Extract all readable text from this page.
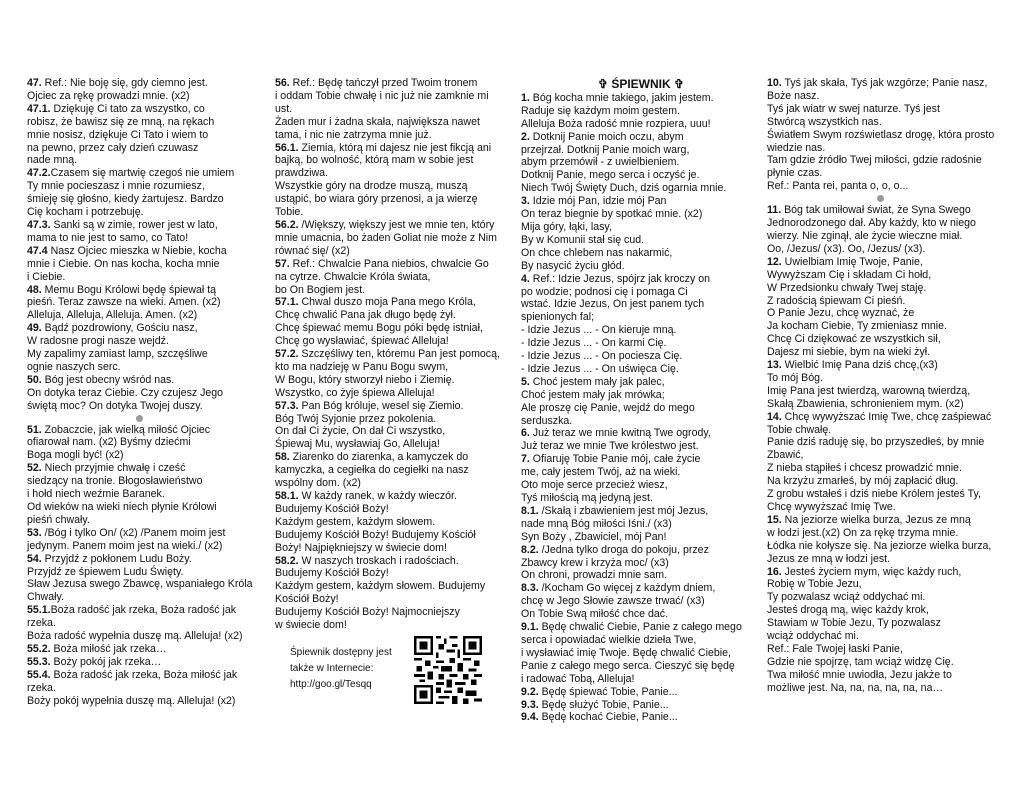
47. Ref.: Nie boję się, gdy ciemno jest.

Ojciec za rękę prowadzi mnie. (x2)

47.1. Dziękuję Ci tato za wszystko, co

robisz, że bawisz się ze mną, na rękach

mnie nosisz, dziękuje Ci Tato i wiem to

na pewno, przez cały dzień czuwasz

nade mną.

47.2.Czasem się martwię czegoś nie umiem

Ty mnie pocieszasz i mnie rozumiesz,

śmieję się głośno, kiedy żartujesz. Bardzo

Cię kocham i potrzebuję.

47.3. Sanki są w zimie, rower jest w lato,

mama to nie jest to samo, co Tato!

47.4 Nasz Ojciec mieszka w Niebie, kocha

mnie i Ciebie. On nas kocha, kocha mnie

i Ciebie.

48. Memu Bogu Królowi będę śpiewał tą

pieśń. Teraz zawsze na wieki. Amen. (x2)

Alleluja, Alleluja, Alleluja. Amen. (x2)

49. Bądź pozdrowiony, Gościu nasz,

W radosne progi nasze wejdź.

My zapalimy zamiast lamp, szczęśliwe

ognie naszych serc.

50. Bóg jest obecny wśród nas.

On dotyka teraz Ciebie. Czy czujesz Jego

świętą moc? On dotyka Twojej duszy.

51. Zobaczcie, jak wielką miłość Ojciec

ofiarował nam. (x2) Byśmy dziećmi

Boga mogli być! (x2)

52. Niech przyjmie chwałę i cześć

siedzący na tronie. Błogosławieństwo

i hołd niech weźmie Baranek.

Od wieków na wieki niech płynie Królowi

pieśń chwały.

53. /Bóg i tylko On/ (x2) /Panem moim jest

jedynym. Panem moim jest na wieki./ (x2)

54. Przyjdź z pokłonem Ludu Boży.

Przyjdź ze śpiewem Ludu Święty.

Sław Jezusa swego Zbawcę, wspaniałego Króla

Chwały.

55.1.Boża radość jak rzeka, Boża radość jak

rzeka.

Boża radość wypełnia duszę mą. Alleluja! (x2)

55.2. Boża miłość jak rzeka…

55.3. Boży pokój jak rzeka…

55.4. Boża radość jak rzeka, Boża miłość jak

rzeka.

Boży pokój wypełnia duszę mą. Alleluja! (x2)

56. Ref.: Będę tańczył przed Twoim tronem

i oddam Tobie chwałę i nic już nie zamknie mi

ust.

Żaden mur i żadna skała, największa nawet

tama, i nic nie zatrzyma mnie już.

56.1. Ziemia, którą mi dajesz nie jest fikcją ani

bajką, bo wolność, którą mam w sobie jest

prawdziwa.

Wszystkie góry na drodze muszą, muszą

ustąpić, bo wiara góry przenosi, a ja wierzę

Tobie.

56.2. /Większy, większy jest we mnie ten, który

mnie umacnia, bo żaden Goliat nie może z Nim

równać się/ (x2)

57. Ref.: Chwalcie Pana niebios, chwalcie Go

na cytrze. Chwalcie Króla świata,

bo On Bogiem jest.

57.1. Chwal duszo moja Pana mego Króla,

Chcę chwalić Pana jak długo będę żył.

Chcę śpiewać memu Bogu póki będę istniał,

Chcę go wysławiać, śpiewać Alleluja!

57.2. Szczęśliwy ten, któremu Pan jest pomocą,

kto ma nadzieję w Panu Bogu swym,

W Bogu, który stworzył niebo i Ziemię.

Wszystko, co żyje śpiewa Alleluja!

57.3. Pan Bóg króluje, wesel się Ziemio.

Bóg Twój Syjonie przez pokolenia.

On dał Ci życie, On dał Ci wszystko,

Śpiewaj Mu, wysławiaj Go, Alleluja!

58. Ziarenko do ziarenka, a kamyczek do

kamyczka, a cegiełka do cegiełki na nasz

wspólny dom. (x2)

58.1. W każdy ranek, w każdy wieczór.

Budujemy Kościół Boży!

Każdym gestem, każdym słowem.

Budujemy Kościół Boży! Budujemy Kościół

Boży! Najpiękniejszy w świecie dom!

58.2. W naszych troskach i radościach.

Budujemy Kościół Boży!

Każdym gestem, każdym słowem. Budujemy

Kościół Boży!

Budujemy Kościół Boży! Najmocniejszy

w świecie dom!

✞ ŚPIEWNIK ✞

1. Bóg kocha mnie takiego, jakim jestem.

Raduje się każdym moim gestem.

Alleluja Boża radość mnie rozpiera, uuu!

2. Dotknij Panie moich oczu, abym

przejrzał. Dotknij Panie moich warg,

abym przemówił - z uwielbieniem.

Dotknij Panie, mego serca i oczyść je.

Niech Twój Święty Duch, dziś ogarnia mnie.

3. Idzie mój Pan, idzie mój Pan

On teraz biegnie by spotkać mnie. (x2)

Mija góry, łąki, lasy,

By w Komunii stał się cud.

On chce chlebem nas nakarmić,

By nasycić życiu głód.

4. Ref.: Idzie Jezus, spójrz jak kroczy on

po wodzie; podnosi cię i pomaga Ci

wstać. Idzie Jezus, On jest panem tych

spienionych fal;

- Idzie Jezus ... - On kieruje mną.

- Idzie Jezus ... - On karmi Cię.

- Idzie Jezus ... - On pociesza Cię.

- Idzie Jezus ... - On uświęca Cię.

5. Choć jestem mały jak palec,

Choć jestem mały jak mrówka;

Ale proszę cię Panie, wejdź do mego

serduszka.

6. Już teraz we mnie kwitną Twe ogrody,

Już teraz we mnie Twe królestwo jest.

7. Ofiaruję Tobie Panie mój, całe życie

me, cały jestem Twój, aż na wieki.

Oto moje serce przecież wiesz,

Tyś miłością mą jedyną jest.

8.1. /Skałą i zbawieniem jest mój Jezus,

nade mną Bóg miłości Iśni./ (x3)

Syn Boży , Zbawiciel, mój Pan!

8.2. /Jedna tylko droga do pokoju, przez

Zbawcy krew i krzyża moc/ (x3)

On chroni, prowadzi mnie sam.

8.3. /Kocham Go więcej z każdym dniem,

chcę w Jego Słowie zawsze trwać/ (x3)

On Tobie Swą miłość chce dać.

9.1. Będę chwalić Ciebie, Panie z całego mego

serca i opowiadać wielkie dzieła Twe,

i wysławiać imię Twoje. Będę chwalić Ciebie,

Panie z całego mego serca. Cieszyć się będę

i radować Tobą, Alleluja!

9.2. Będę śpiewać Tobie, Panie...

9.3. Będę służyć Tobie, Panie...

9.4. Będę kochać Ciebie, Panie...

10. Tyś jak skała, Tyś jak wzgórze; Panie nasz,

Boże nasz.

Tyś jak wiatr w swej naturze. Tyś jest

Stwórcą wszystkich nas.

Światłem Swym rozświetlasz drogę, która prosto

wiedzie nas.

Tam gdzie źródło Twej miłości, gdzie radośnie

płynie czas.

Ref.: Panta rei, panta o, o, o...

11. Bóg tak umiłował świat, że Syna Swego

Jednorodzonego dał. Aby każdy, kto w niego

wierzy. Nie zginął, ale życie wieczne miał.

Oo, /Jezus/ (x3). Oo, /Jezus/ (x3).

12. Uwielbiam Imię Twoje, Panie,

Wywyższam Cię i składam Ci hołd,

W Przedsionku chwały Twej staję.

Z radością śpiewam Ci pieśń.

O Panie Jezu, chcę wyznać, że

Ja kocham Ciebie, Ty zmieniasz mnie.

Chcę Ci dziękować ze wszystkich sił,

Dajesz mi siebie, bym na wieki żył.

13. Wielbić Imię Pana dziś chcę,(x3)

To mój Bóg.

Imię Pana jest twierdzą, warowną twierdzą,

Skałą Zbawienia, schronieniem mym. (x2)

14. Chcę wywyższać Imię Twe, chcę zaśpiewać

Tobie chwałę.

Panie dziś raduję się, bo przyszedłeś, by mnie

Zbawić,

Z nieba stąpiłeś i chcesz prowadzić mnie.

Na krzyżu zmarłeś, by mój zapłacić dług.

Z grobu wstałeś i dziś niebe Królem jesteś Ty,

Chcę wywyższać Imię Twe.

15. Na jeziorze wielka burza, Jezus ze mną

w łodzi jest.(x2) On za rękę trzyma mnie.

Łódka nie kołysze się. Na jeziorze wielka burza,

Jezus ze mną w łodzi jest.

16. Jesteś życiem mym, więc każdy ruch,

Robię w Tobie Jezu,

Ty pozwalasz wciąż oddychać mi.

Jesteś drogą mą, więc każdy krok,

Stawiam w Tobie Jezu, Ty pozwalasz

wciąż oddychać mi.

Ref.: Fale Twojej łaski Panie,

Gdzie nie spojrzę, tam wciąż widzę Cię.

Twa miłość mnie uwiodła, Jezu jakże to

możliwe jest. Na, na, na, na, na, na…

Śpiewnik dostępny jest
także w Internecie:
http://goo.gl/Tesqq
